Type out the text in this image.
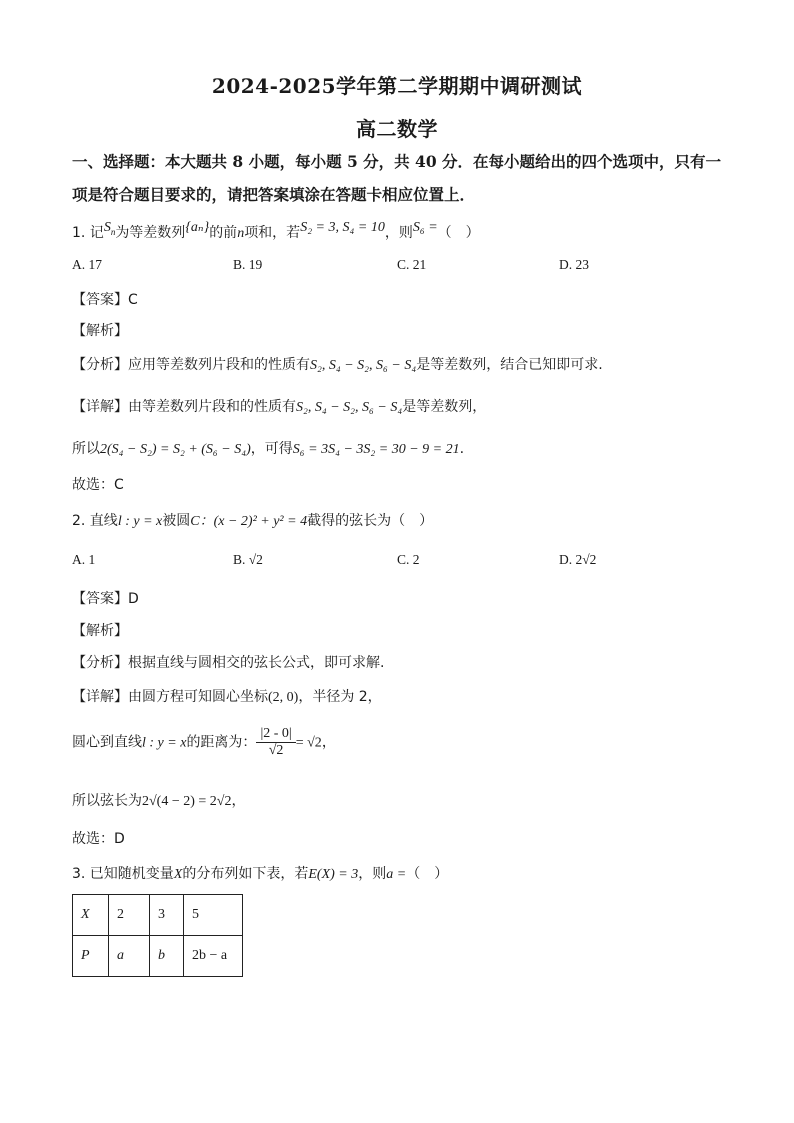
2024-2025学年第二学期期中调研测试
高二数学
一、选择题：本大题共 8 小题，每小题 5 分，共 40 分．在每小题给出的四个选项中，只有一
项是符合题目要求的，请把答案填涂在答题卡相应位置上．
1. 记$S_n$为等差数列{aₙ}的前n项和，若S₂ = 3, S₄ = 10，则S₆ =（　）
A. 17	B. 19	C. 21	D. 23
【答案】C
【解析】
【分析】应用等差数列片段和的性质有S₂, S₄ − S₂, S₆ − S₄是等差数列，结合已知即可求.
【详解】由等差数列片段和的性质有S₂, S₄ − S₂, S₆ − S₄是等差数列，
所以2(S₄ − S₂) = S₂ + (S₆ − S₄)，可得S₆ = 3S₄ − 3S₂ = 30 − 9 = 21.
故选：C
2. 直线l : y = x被圆C：(x − 2)² + y² = 4截得的弦长为（　）
A. 1	B. √2	C. 2	D. 2√2
【答案】D
【解析】
【分析】根据直线与圆相交的弦长公式，即可求解.
【详解】由圆方程可知圆心坐标(2, 0)，半径为 2，
圆心到直线l : y = x的距离为： $\frac{|2 - 0|}{√2} = √2$，
所以弦长为2√(4 − 2) = 2√2，
故选：D
3. 已知随机变量X的分布列如下表，若E(X) = 3，则a =（　）
X	2	3	5
P	a	b	2b − a
